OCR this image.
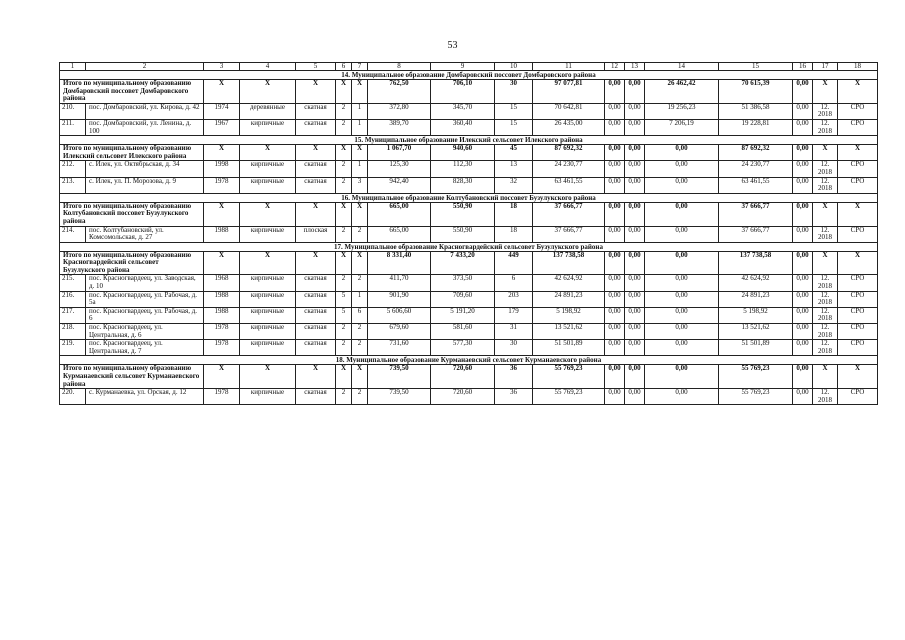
53
1	2	3	4	5	6	7	8	9	10	11	12	13	14	15	16	17	18
14. Муниципальное образование Домбаровский поссовет Домбаровского района																	
Итого по муниципальному образованию Домбаровский поссовет Домбаровского района		X	X	X	X	X	762,50	706,10	30	97 077,81	0,00	0,00	26 462,42	70 615,39	0,00	X	X
210.	пос. Домбаровский, ул. Кирова, д. 42	1974	деревянные	скатная	2	1	372,80	345,70	15	70 642,81	0,00	0,00	19 256,23	51 386,58	0,00	12. 2018	СРО
211.	пос. Домбаровский, ул. Ленина, д. 100	1967	кирпичные	скатная	2	1	389,70	360,40	15	26 435,00	0,00	0,00	7 206,19	19 228,81	0,00	12. 2018	СРО
15. Муниципальное образование Илекский сельсовет Илекского района																	
Итого по муниципальному образованию Илекский сельсовет Илекского района		X	X	X	X	X	1 067,70	940,60	45	87 692,32	0,00	0,00	0,00	87 692,32	0,00	X	X
212.	с. Илек, ул. Октябрьская, д. 34	1998	кирпичные	скатная	2	1	125,30	112,30	13	24 230,77	0,00	0,00	0,00	24 230,77	0,00	12. 2018	СРО
213.	с. Илек, ул. П. Морозова, д. 9	1978	кирпичные	скатная	2	3	942,40	828,30	32	63 461,55	0,00	0,00	0,00	63 461,55	0,00	12. 2018	СРО
16. Муниципальное образование Колтубановский поссовет Бузулукского района																	
Итого по муниципальному образованию Колтубановский поссовет Бузулукского района		X	X	X	X	X	665,00	550,90	18	37 666,77	0,00	0,00	0,00	37 666,77	0,00	X	X
214.	пос. Колтубановский, ул. Комсомольская, д. 27	1988	кирпичные	плоская	2	2	665,00	550,90	18	37 666,77	0,00	0,00	0,00	37 666,77	0,00	12. 2018	СРО
17. Муниципальное образование Красногвардейский сельсовет Бузулукского района																	
Итого по муниципальному образованию Красногвардейский сельсовет Бузулукского района		X	X	X	X	X	8 331,40	7 433,20	449	137 738,58	0,00	0,00	0,00	137 738,58	0,00	X	X
215.	пос. Красногвардеец, ул. Заводская, д. 10	1968	кирпичные	скатная	2	2	411,70	373,50	6	42 624,92	0,00	0,00	0,00	42 624,92	0,00	12. 2018	СРО
216.	пос. Красногвардеец, ул. Рабочая, д. 5а	1988	кирпичные	скатная	5	1	901,90	709,60	203	24 891,23	0,00	0,00	0,00	24 891,23	0,00	12. 2018	СРО
217.	пос. Красногвардеец, ул. Рабочая, д. 6	1988	кирпичные	скатная	5	6	5 606,60	5 191,20	179	5 198,92	0,00	0,00	0,00	5 198,92	0,00	12. 2018	СРО
218.	пос. Красногвардеец, ул. Центральная, д. 6	1978	кирпичные	скатная	2	2	679,60	581,60	31	13 521,62	0,00	0,00	0,00	13 521,62	0,00	12. 2018	СРО
219.	пос. Красногвардеец, ул. Центральная, д. 7	1978	кирпичные	скатная	2	2	731,60	577,30	30	51 501,89	0,00	0,00	0,00	51 501,89	0,00	12. 2018	СРО
18. Муниципальное образование Курманаевский сельсовет Курманаевского района																	
Итого по муниципальному образованию Курманаевский сельсовет Курманаевского района		X	X	X	X	X	739,50	720,60	36	55 769,23	0,00	0,00	0,00	55 769,23	0,00	X	X
220.	с. Курманаевка, ул. Орская, д. 12	1978	кирпичные	скатная	2	2	739,50	720,60	36	55 769,23	0,00	0,00	0,00	55 769,23	0,00	12. 2018	СРО
